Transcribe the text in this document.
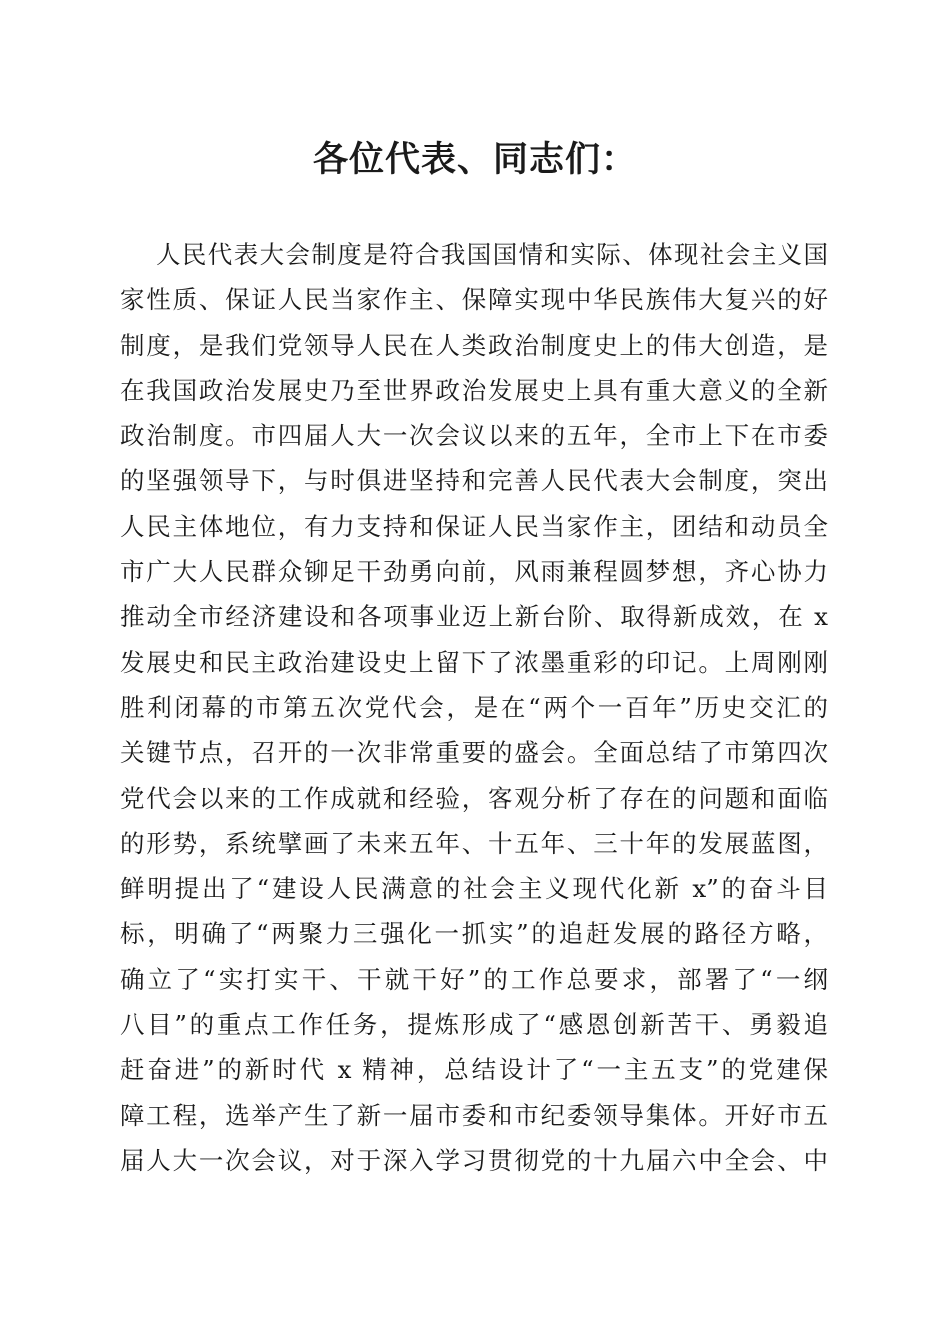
各位代表、同志们：
人民代表大会制度是符合我国国情和实际、体现社会主义国
家性质、保证人民当家作主、保障实现中华民族伟大复兴的好
制度，是我们党领导人民在人类政治制度史上的伟大创造，是
在我国政治发展史乃至世界政治发展史上具有重大意义的全新
政治制度。市四届人大一次会议以来的五年，全市上下在市委
的坚强领导下，与时俱进坚持和完善人民代表大会制度，突出
人民主体地位，有力支持和保证人民当家作主，团结和动员全
市广大人民群众铆足干劲勇向前，风雨兼程圆梦想，齐心协力
推动全市经济建设和各项事业迈上新台阶、取得新成效，在 x
发展史和民主政治建设史上留下了浓墨重彩的印记。上周刚刚
胜利闭幕的市第五次党代会，是在“两个一百年”历史交汇的
关键节点，召开的一次非常重要的盛会。全面总结了市第四次
党代会以来的工作成就和经验，客观分析了存在的问题和面临
的形势，系统擘画了未来五年、十五年、三十年的发展蓝图，
鲜明提出了“建设人民满意的社会主义现代化新 x”的奋斗目
标，明确了“两聚力三强化一抓实”的追赶发展的路径方略，
确立了“实打实干、干就干好”的工作总要求，部署了“一纲
八目”的重点工作任务，提炼形成了“感恩创新苦干、勇毅追
赶奋进”的新时代 x 精神，总结设计了“一主五支”的党建保
障工程，选举产生了新一届市委和市纪委领导集体。开好市五
届人大一次会议，对于深入学习贯彻党的十九届六中全会、中
